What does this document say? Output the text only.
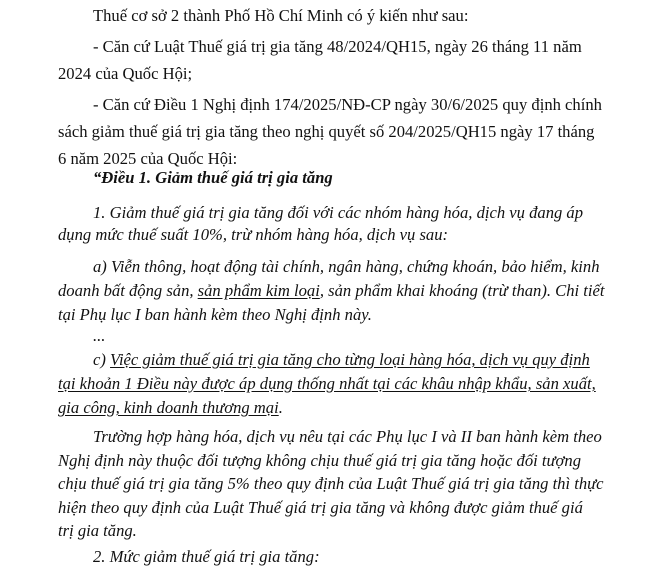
Thuế cơ sở 2 thành Phố Hồ Chí Minh có ý kiến như sau:
- Căn cứ Luật Thuế giá trị gia tăng 48/2024/QH15, ngày 26 tháng 11 năm
2024 của Quốc Hội;
- Căn cứ Điều 1 Nghị định 174/2025/NĐ-CP ngày 30/6/2025 quy định chính
sách giảm thuế giá trị gia tăng theo nghị quyết số 204/2025/QH15 ngày 17 tháng
6 năm 2025 của Quốc Hội:
“Điều 1. Giảm thuế giá trị gia tăng
1. Giảm thuế giá trị gia tăng đối với các nhóm hàng hóa, dịch vụ đang áp
dụng mức thuế suất 10%, trừ nhóm hàng hóa, dịch vụ sau:
a) Viễn thông, hoạt động tài chính, ngân hàng, chứng khoán, bảo hiểm, kinh
doanh bất động sản, sản phẩm kim loại, sản phẩm khai khoáng (trừ than). Chi tiết
tại Phụ lục I ban hành kèm theo Nghị định này.
...
c) Việc giảm thuế giá trị gia tăng cho từng loại hàng hóa, dịch vụ quy định
tại khoản 1 Điều này được áp dụng thống nhất tại các khâu nhập khẩu, sản xuất,
gia công, kinh doanh thương mại.
Trường hợp hàng hóa, dịch vụ nêu tại các Phụ lục I và II ban hành kèm theo
Nghị định này thuộc đối tượng không chịu thuế giá trị gia tăng hoặc đối tượng
chịu thuế giá trị gia tăng 5% theo quy định của Luật Thuế giá trị gia tăng thì thực
hiện theo quy định của Luật Thuế giá trị gia tăng và không được giảm thuế giá
trị gia tăng.
2. Mức giảm thuế giá trị gia tăng:
